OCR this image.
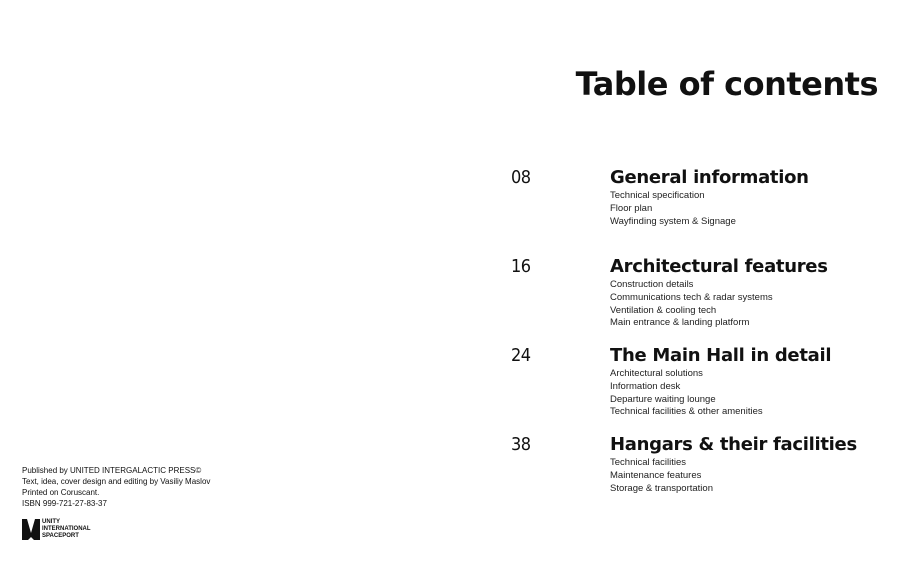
Table of contents
08	General information
Technical specification
Floor plan
Wayfinding system & Signage
16	Architectural features
Construction details
Communications tech & radar systems
Ventilation & cooling tech
Main entrance & landing platform
24	The Main Hall in detail
Architectural solutions
Information desk
Departure waiting lounge
Technical facilities & other amenities
38	Hangars & their facilities
Technical facilities
Maintenance features
Storage & transportation
Published by UNITED INTERGALACTIC PRESS©
Text, idea, cover design and editing by Vasiliy Maslov
Printed on Coruscant.
ISBN 999-721-27-83-37
UNITY
INTERNATIONAL
SPACEPORT
